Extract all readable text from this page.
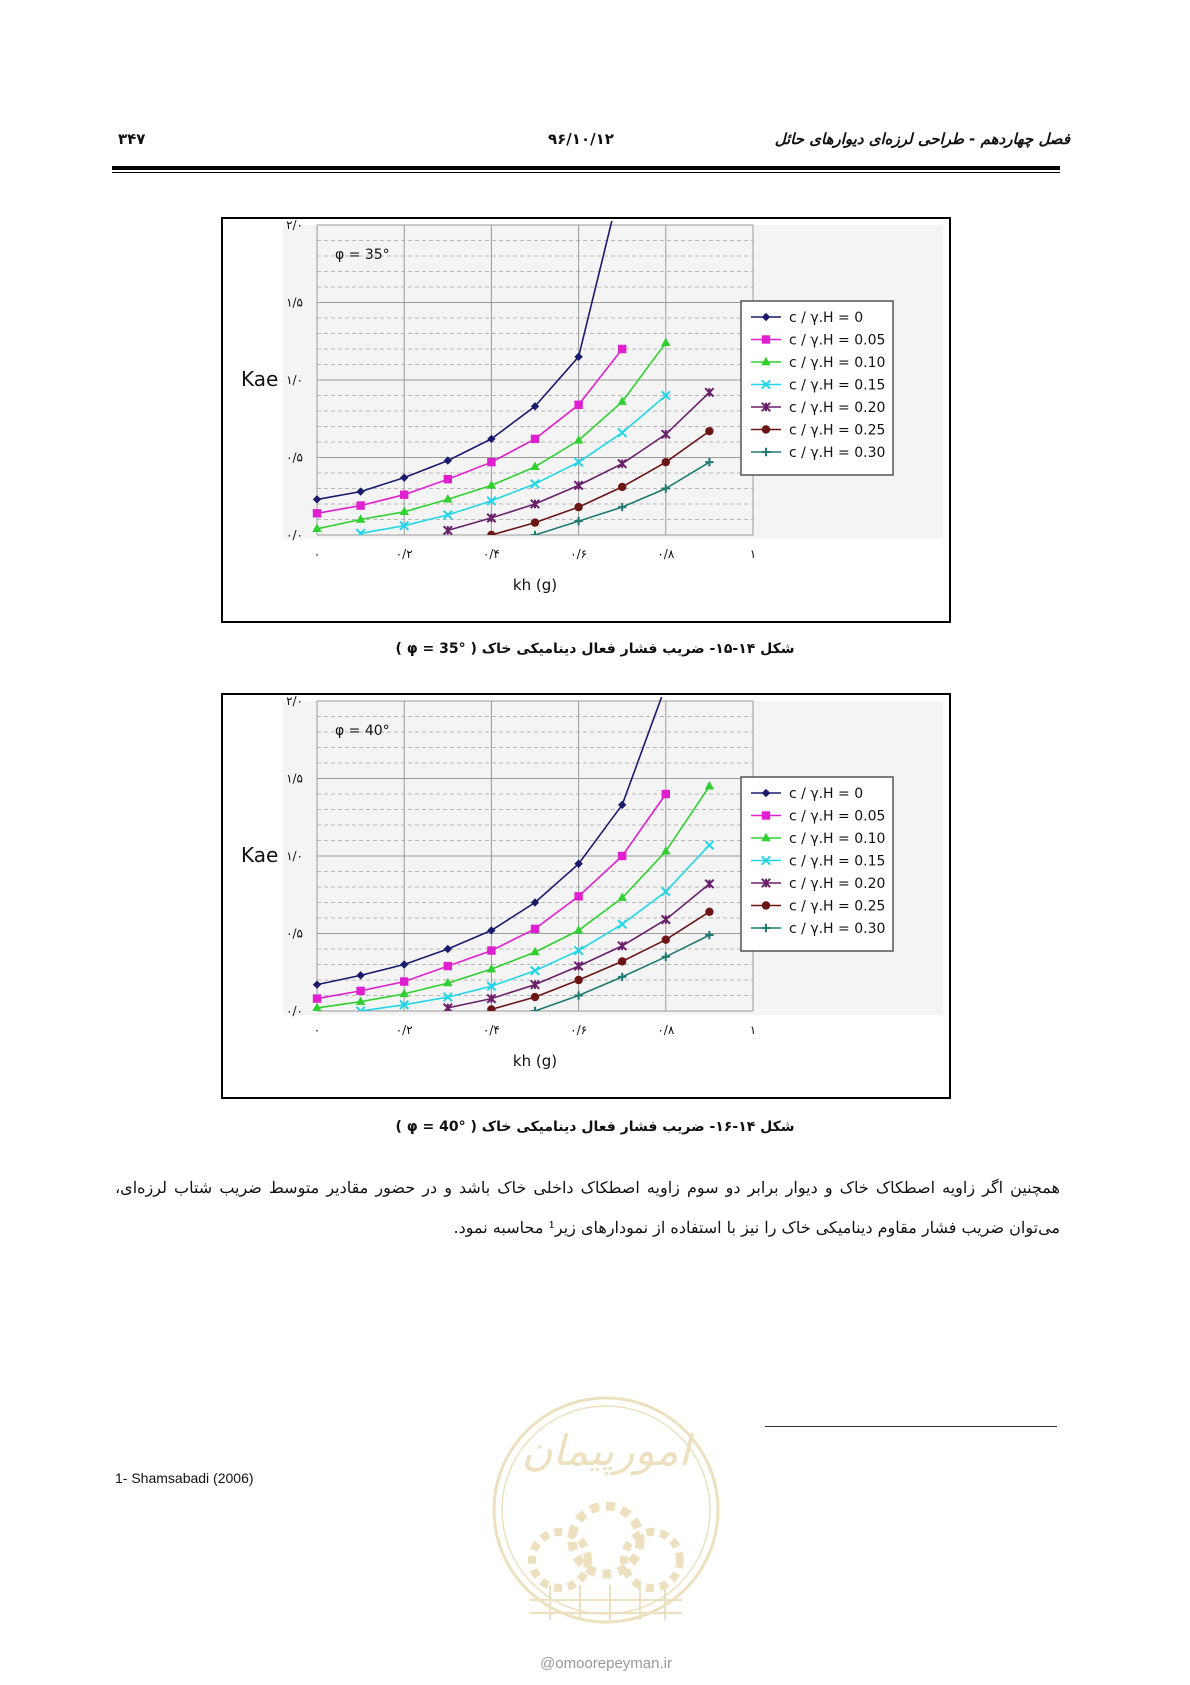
فصل چهاردهم - طراحی لرزه‌ای دیوارهای حائل
۹۶/۱۰/۱۲
۳۴۷
۰/۰
۰/۵
۱/۰
۱/۵
۲/۰
۰	۰/۲	۰/۴	۰/۶	۰/۸	۱
kh (g)
Kae
φ = 35°
c / γ.H = 0
c / γ.H = 0.05
c / γ.H = 0.10
c / γ.H = 0.15
c / γ.H = 0.20
c / γ.H = 0.25
c / γ.H = 0.30
شکل ۱۴-۱۵- ضریب فشار فعال دینامیکی خاک ( φ = 35° )
۰/۰
۰/۵
۱/۰
۱/۵
۲/۰
۰	۰/۲	۰/۴	۰/۶	۰/۸	۱
kh (g)
Kae
φ = 40°
c / γ.H = 0
c / γ.H = 0.05
c / γ.H = 0.10
c / γ.H = 0.15
c / γ.H = 0.20
c / γ.H = 0.25
c / γ.H = 0.30
شکل ۱۴-۱۶- ضریب فشار فعال دینامیکی خاک ( φ = 40° )
همچنین اگر زاویه اصطکاک خاک و دیوار برابر دو سوم زاویه اصطکاک داخلی خاک باشد و در حضور مقادیر متوسط ضریب شتاب لرزه‌ای، می‌توان ضریب فشار مقاوم دینامیکی خاک را نیز با استفاده از نمودارهای زیر¹ محاسبه نمود.
1- Shamsabadi (2006)
امورپیمان
@omoorepeyman.ir
